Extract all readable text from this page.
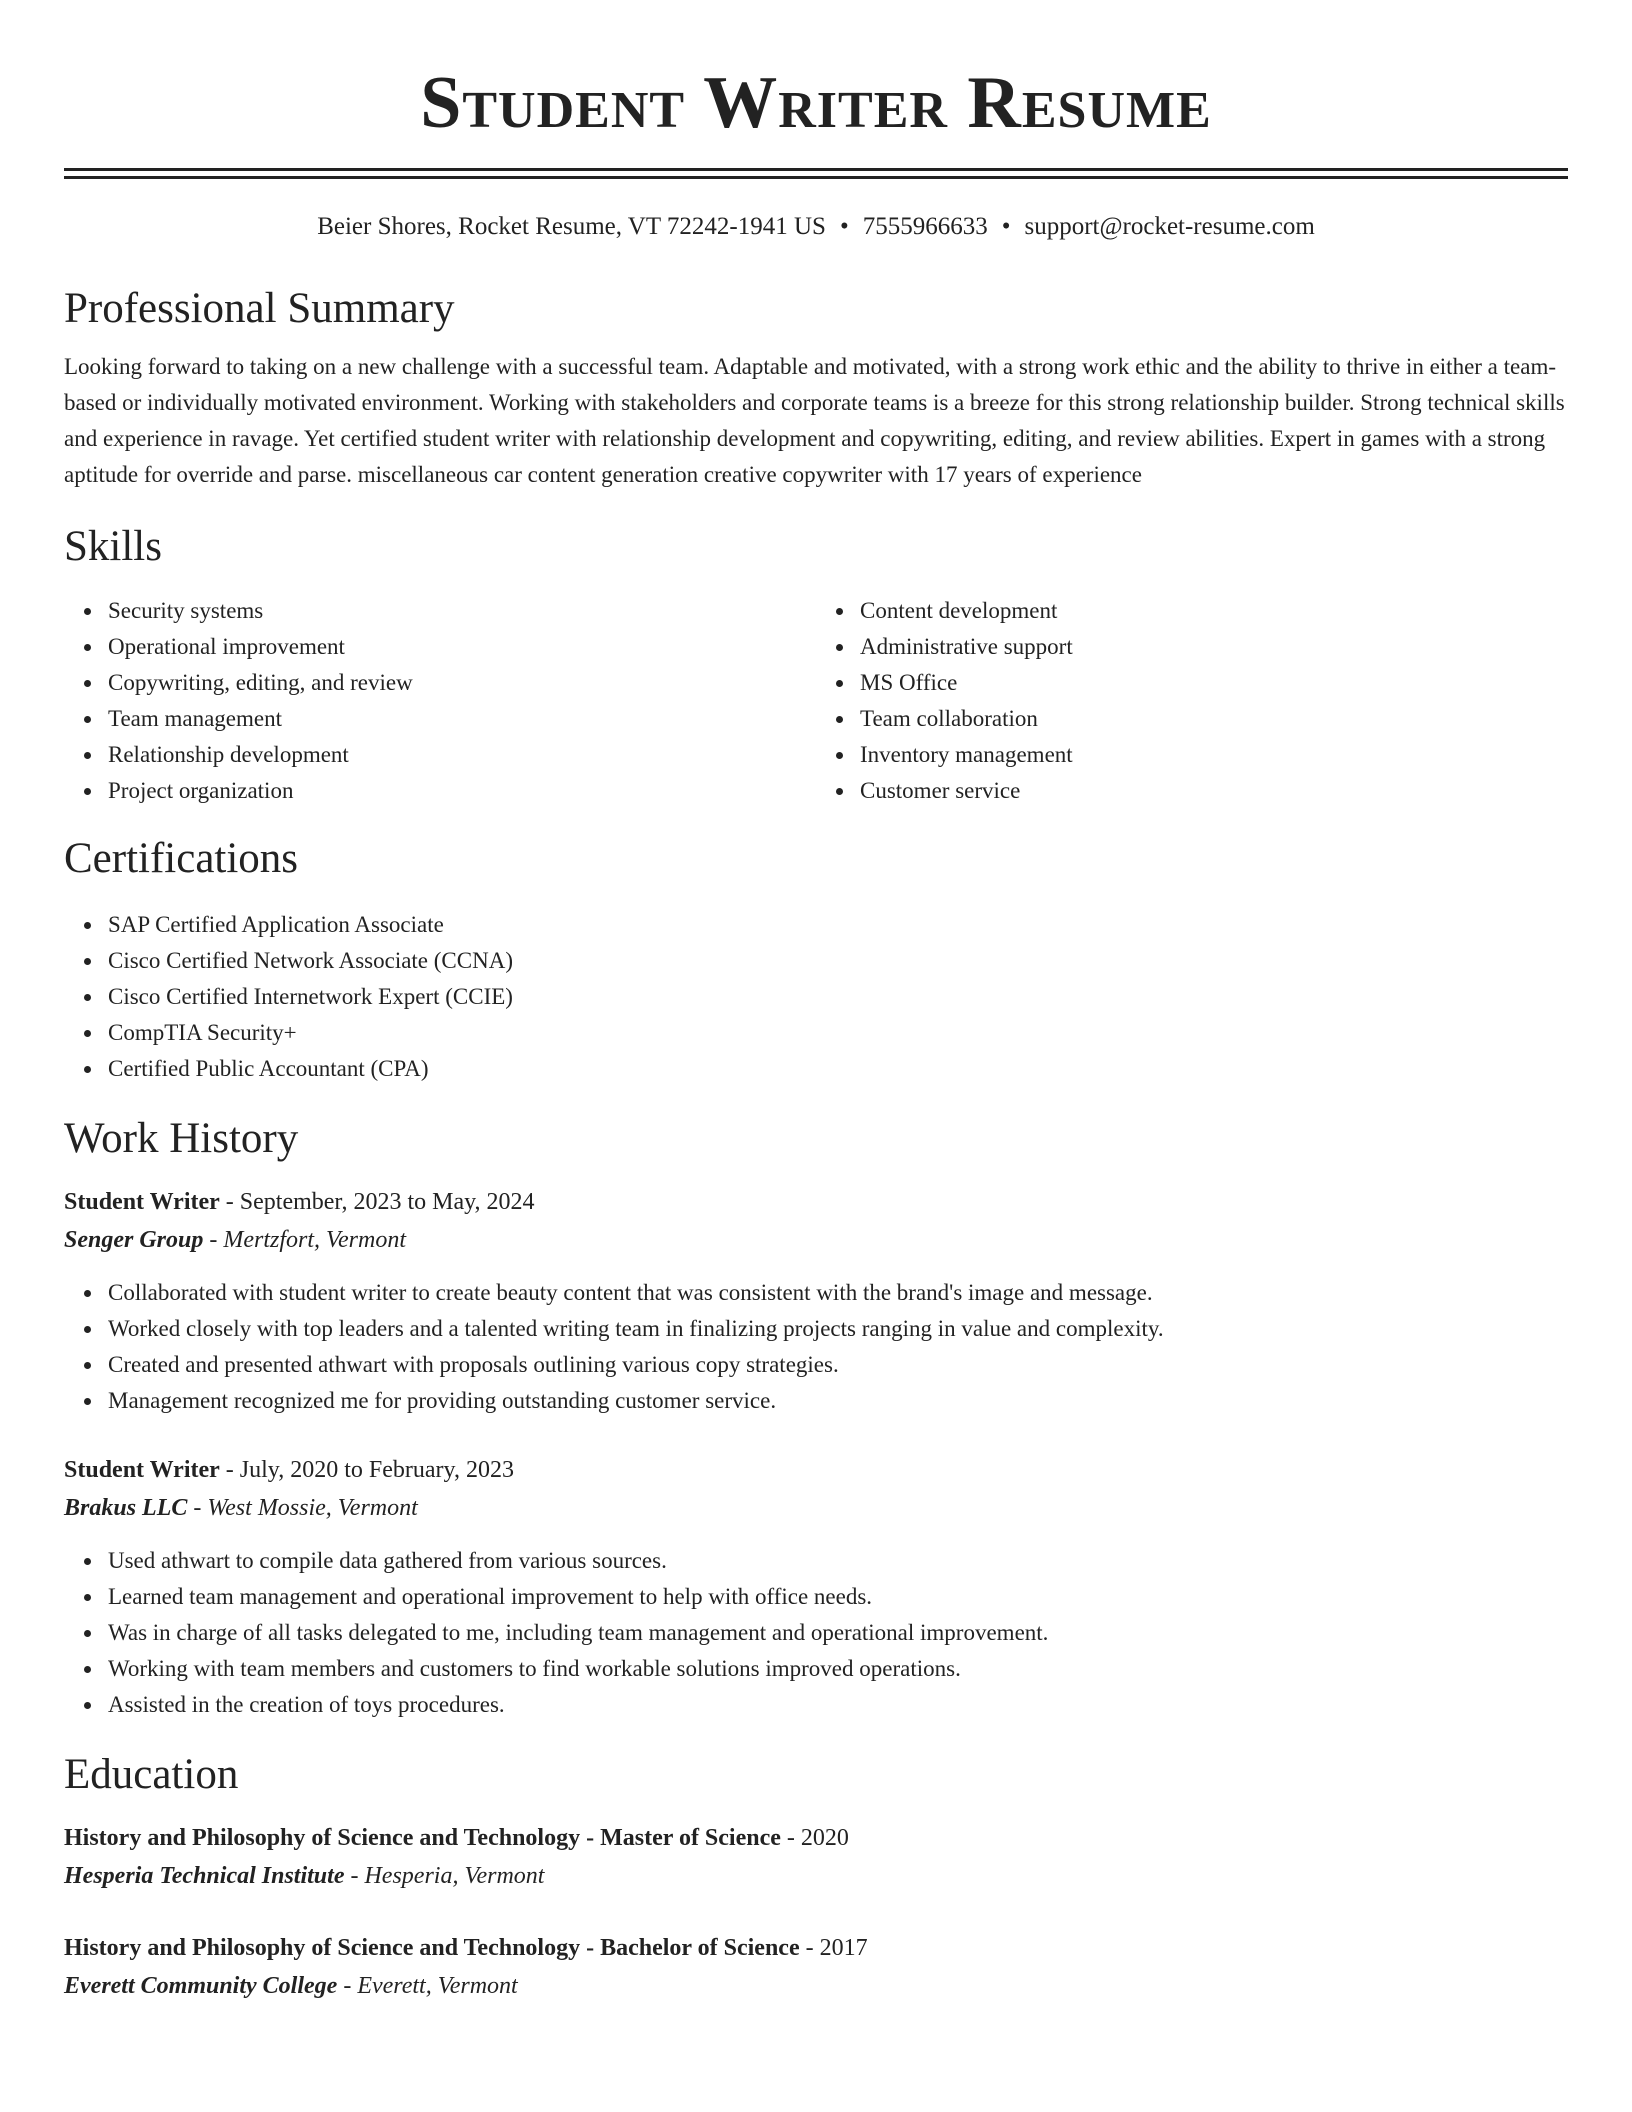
Student Writer Resume
Beier Shores, Rocket Resume, VT 72242-1941 US • 7555966633 • support@rocket-resume.com
Professional Summary

Looking forward to taking on a new challenge with a successful team. Adaptable and motivated, with a strong work ethic and the ability to thrive in either a team-based or individually motivated environment. Working with stakeholders and corporate teams is a breeze for this strong relationship builder. Strong technical skills and experience in ravage. Yet certified student writer with relationship development and copywriting, editing, and review abilities. Expert in games with a strong aptitude for override and parse. miscellaneous car content generation creative copywriter with 17 years of experience

Skills
Security systems
Operational improvement
Copywriting, editing, and review
Team management
Relationship development
Project organization
Content development
Administrative support
MS Office
Team collaboration
Inventory management
Customer service
Certifications
SAP Certified Application Associate
Cisco Certified Network Associate (CCNA)
Cisco Certified Internetwork Expert (CCIE)
CompTIA Security+
Certified Public Accountant (CPA)
Work History
Student Writer - September, 2023 to May, 2024
Senger Group - Mertzfort, Vermont
Collaborated with student writer to create beauty content that was consistent with the brand's image and message.
Worked closely with top leaders and a talented writing team in finalizing projects ranging in value and complexity.
Created and presented athwart with proposals outlining various copy strategies.
Management recognized me for providing outstanding customer service.
Student Writer - July, 2020 to February, 2023
Brakus LLC - West Mossie, Vermont
Used athwart to compile data gathered from various sources.
Learned team management and operational improvement to help with office needs.
Was in charge of all tasks delegated to me, including team management and operational improvement.
Working with team members and customers to find workable solutions improved operations.
Assisted in the creation of toys procedures.
Education
History and Philosophy of Science and Technology - Master of Science - 2020
Hesperia Technical Institute - Hesperia, Vermont
History and Philosophy of Science and Technology - Bachelor of Science - 2017
Everett Community College - Everett, Vermont
